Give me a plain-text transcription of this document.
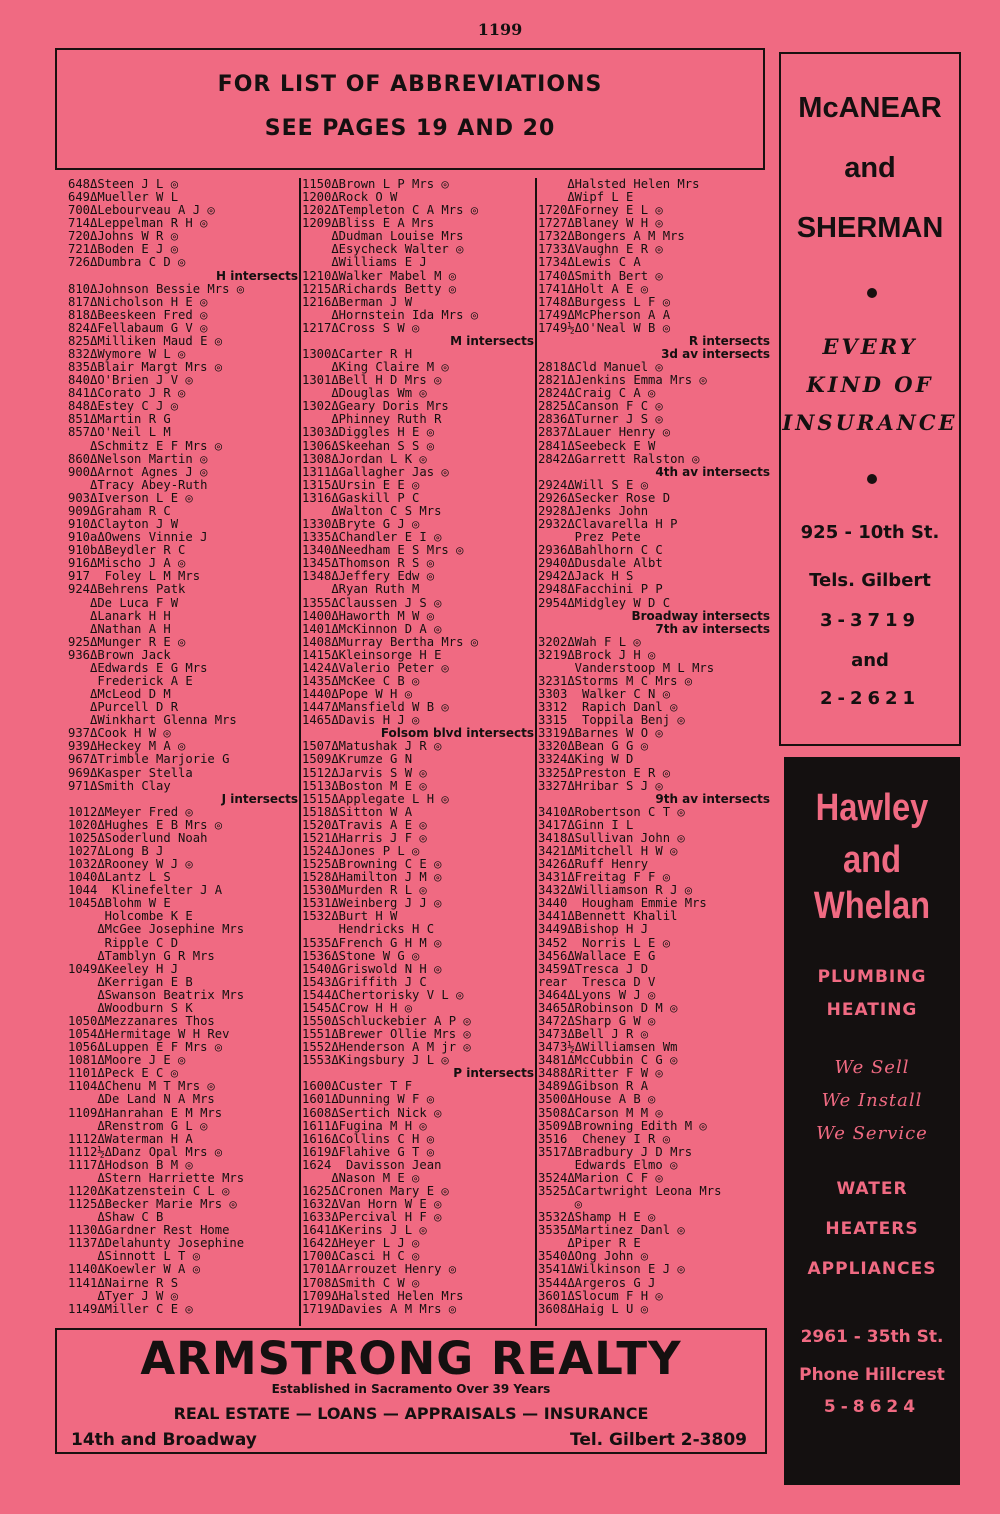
1199
FOR LIST OF ABBREVIATIONS
SEE PAGES 19 AND 20
648ΔSteen J L ◎
649ΔMueller W L
700ΔLebourveau A J ◎
714ΔLeppelman R H ◎
720ΔJohns W R ◎
721ΔBoden E J ◎
726ΔDumbra C D ◎
H intersects
810ΔJohnson Bessie Mrs ◎
817ΔNicholson H E ◎
818ΔBeeskeen Fred ◎
824ΔFellabaum G V ◎
825ΔMilliken Maud E ◎
832ΔWymore W L ◎
835ΔBlair Margt Mrs ◎
840ΔO'Brien J V ◎
841ΔCorato J R ◎
848ΔEstey C J ◎
851ΔMartin R G
857ΔO'Neil L M
ΔSchmitz E F Mrs ◎
860ΔNelson Martin ◎
900ΔArnot Agnes J ◎
ΔTracy Abey-Ruth
903ΔIverson L E ◎
909ΔGraham R C
910ΔClayton J W
910aΔOwens Vinnie J
910bΔBeydler R C
916ΔMischo J A ◎
917  Foley L M Mrs
924ΔBehrens Patk
ΔDe Luca F W
ΔLanark H H
ΔNathan A H
925ΔMunger R E ◎
936ΔBrown Jack
ΔEdwards E G Mrs
Frederick A E
ΔMcLeod D M
ΔPurcell D R
ΔWinkhart Glenna Mrs
937ΔCook H W ◎
939ΔHeckey M A ◎
967ΔTrimble Marjorie G
969ΔKasper Stella
971ΔSmith Clay
J intersects
1012ΔMeyer Fred ◎
1020ΔHughes E B Mrs ◎
1025ΔSoderlund Noah
1027ΔLong B J
1032ΔRooney W J ◎
1040ΔLantz L S
1044  Klinefelter J A
1045ΔBlohm W E
Holcombe K E
ΔMcGee Josephine Mrs
Ripple C D
ΔTamblyn G R Mrs
1049ΔKeeley H J
ΔKerrigan E B
ΔSwanson Beatrix Mrs
ΔWoodburn S K
1050ΔMezzanares Thos
1054ΔHermitage W H Rev
1056ΔLuppen E F Mrs ◎
1081ΔMoore J E ◎
1101ΔPeck E C ◎
1104ΔChenu M T Mrs ◎
ΔDe Land N A Mrs
1109ΔHanrahan E M Mrs
ΔRenstrom G L ◎
1112ΔWaterman H A
1112½ΔDanz Opal Mrs ◎
1117ΔHodson B M ◎
ΔStern Harriette Mrs
1120ΔKatzenstein C L ◎
1125ΔBecker Marie Mrs ◎
ΔShaw C B
1130ΔGardner Rest Home
1137ΔDelahunty Josephine
ΔSinnott L T ◎
1140ΔKoewler W A ◎
1141ΔNairne R S
ΔTyer J W ◎
1149ΔMiller C E ◎
1150ΔBrown L P Mrs ◎
1200ΔRock O W
1202ΔTempleton C A Mrs ◎
1209ΔBliss E A Mrs
ΔDudman Louise Mrs
ΔEsycheck Walter ◎
ΔWilliams E J
1210ΔWalker Mabel M ◎
1215ΔRichards Betty ◎
1216ΔBerman J W
ΔHornstein Ida Mrs ◎
1217ΔCross S W ◎
M intersects
1300ΔCarter R H
ΔKing Claire M ◎
1301ΔBell H D Mrs ◎
ΔDouglas Wm ◎
1302ΔGeary Doris Mrs
ΔPhinney Ruth R
1303ΔDiggles H E ◎
1306ΔSkeehan S S ◎
1308ΔJordan L K ◎
1311ΔGallagher Jas ◎
1315ΔUrsin E E ◎
1316ΔGaskill P C
ΔWalton C S Mrs
1330ΔBryte G J ◎
1335ΔChandler E I ◎
1340ΔNeedham E S Mrs ◎
1345ΔThomson R S ◎
1348ΔJeffery Edw ◎
ΔRyan Ruth M
1355ΔClaussen J S ◎
1400ΔHaworth M W ◎
1401ΔMcKinnon D A ◎
1408ΔMurray Bertha Mrs ◎
1415ΔKleinsorge H E
1424ΔValerio Peter ◎
1435ΔMcKee C B ◎
1440ΔPope W H ◎
1447ΔMansfield W B ◎
1465ΔDavis H J ◎
Folsom blvd intersects
1507ΔMatushak J R ◎
1509ΔKrumze G N
1512ΔJarvis S W ◎
1513ΔBoston M E ◎
1515ΔApplegate L H ◎
1518ΔSitton W A
1520ΔTravis A E ◎
1521ΔHarris J F ◎
1524ΔJones P L ◎
1525ΔBrowning C E ◎
1528ΔHamilton J M ◎
1530ΔMurden R L ◎
1531ΔWeinberg J J ◎
1532ΔBurt H W
Hendricks H C
1535ΔFrench G H M ◎
1536ΔStone W G ◎
1540ΔGriswold N H ◎
1543ΔGriffith J C
1544ΔChertorisky V L ◎
1545ΔCrow H H ◎
1550ΔSchluckebier A P ◎
1551ΔBrewer Ollie Mrs ◎
1552ΔHenderson A M jr ◎
1553ΔKingsbury J L ◎
P intersects
1600ΔCuster T F
1601ΔDunning W F ◎
1608ΔSertich Nick ◎
1611ΔFugina M H ◎
1616ΔCollins C H ◎
1619ΔFlahive G T ◎
1624  Davisson Jean
ΔNason M E ◎
1625ΔCronen Mary E ◎
1632ΔVan Horn W E ◎
1633ΔPercival H F ◎
1641ΔKerins J L ◎
1642ΔHeyer L J ◎
1700ΔCasci H C ◎
1701ΔArrouzet Henry ◎
1708ΔSmith C W ◎
1709ΔHalsted Helen Mrs
1719ΔDavies A M Mrs ◎
ΔHalsted Helen Mrs
ΔWipf L E
1720ΔForney E L ◎
1727ΔBlaney W H ◎
1732ΔBongers A M Mrs
1733ΔVaughn E R ◎
1734ΔLewis C A
1740ΔSmith Bert ◎
1741ΔHolt A E ◎
1748ΔBurgess L F ◎
1749ΔMcPherson A A
1749½ΔO'Neal W B ◎
R intersects
3d av intersects
2818ΔCld Manuel ◎
2821ΔJenkins Emma Mrs ◎
2824ΔCraig C A ◎
2825ΔCanson F C ◎
2836ΔTurner J S ◎
2837ΔLauer Henry ◎
2841ΔSeebeck E W
2842ΔGarrett Ralston ◎
4th av intersects
2924ΔWill S E ◎
2926ΔSecker Rose D
2928ΔJenks John
2932ΔClavarella H P
Prez Pete
2936ΔBahlhorn C C
2940ΔDusdale Albt
2942ΔJack H S
2948ΔFacchini P P
2954ΔMidgley W D C
Broadway intersects
7th av intersects
3202ΔWah F L ◎
3219ΔBrock J H ◎
Vanderstoop M L Mrs
3231ΔStorms M C Mrs ◎
3303  Walker C N ◎
3312  Rapich Danl ◎
3315  Toppila Benj ◎
3319ΔBarnes W O ◎
3320ΔBean G G ◎
3324ΔKing W D
3325ΔPreston E R ◎
3327ΔHribar S J ◎
9th av intersects
3410ΔRobertson C T ◎
3417ΔGinn I L
3418ΔSullivan John ◎
3421ΔMitchell H W ◎
3426ΔRuff Henry
3431ΔFreitag F F ◎
3432ΔWilliamson R J ◎
3440  Hougham Emmie Mrs
3441ΔBennett Khalil
3449ΔBishop H J
3452  Norris L E ◎
3456ΔWallace E G
3459ΔTresca J D
rear  Tresca D V
3464ΔLyons W J ◎
3465ΔRobinson D M ◎
3472ΔSharp G W ◎
3473ΔBell J R ◎
3473½ΔWilliamsen Wm
3481ΔMcCubbin C G ◎
3488ΔRitter F W ◎
3489ΔGibson R A
3500ΔHouse A B ◎
3508ΔCarson M M ◎
3509ΔBrowning Edith M ◎
3516  Cheney I R ◎
3517ΔBradbury J D Mrs
Edwards Elmo ◎
3524ΔMarion C F ◎
3525ΔCartwright Leona Mrs
◎
3532ΔShamp H E ◎
3535ΔMartinez Danl ◎
ΔPiper R E
3540ΔOng John ◎
3541ΔWilkinson E J ◎
3544ΔArgeros G J
3601ΔSlocum F H ◎
3608ΔHaig L U ◎
McANEAR
and
SHERMAN
EVERY
KIND OF
INSURANCE
925 - 10th St.
Tels. Gilbert
3-3719
and
2-2621
Hawley
and
Whelan
PLUMBING
HEATING
We Sell
We Install
We Service
WATER
HEATERS
APPLIANCES
2961 - 35th St.
Phone Hillcrest
5-8624
ARMSTRONG REALTY
Established in Sacramento Over 39 Years
REAL ESTATE — LOANS — APPRAISALS — INSURANCE
14th and Broadway	Tel. Gilbert 2-3809
